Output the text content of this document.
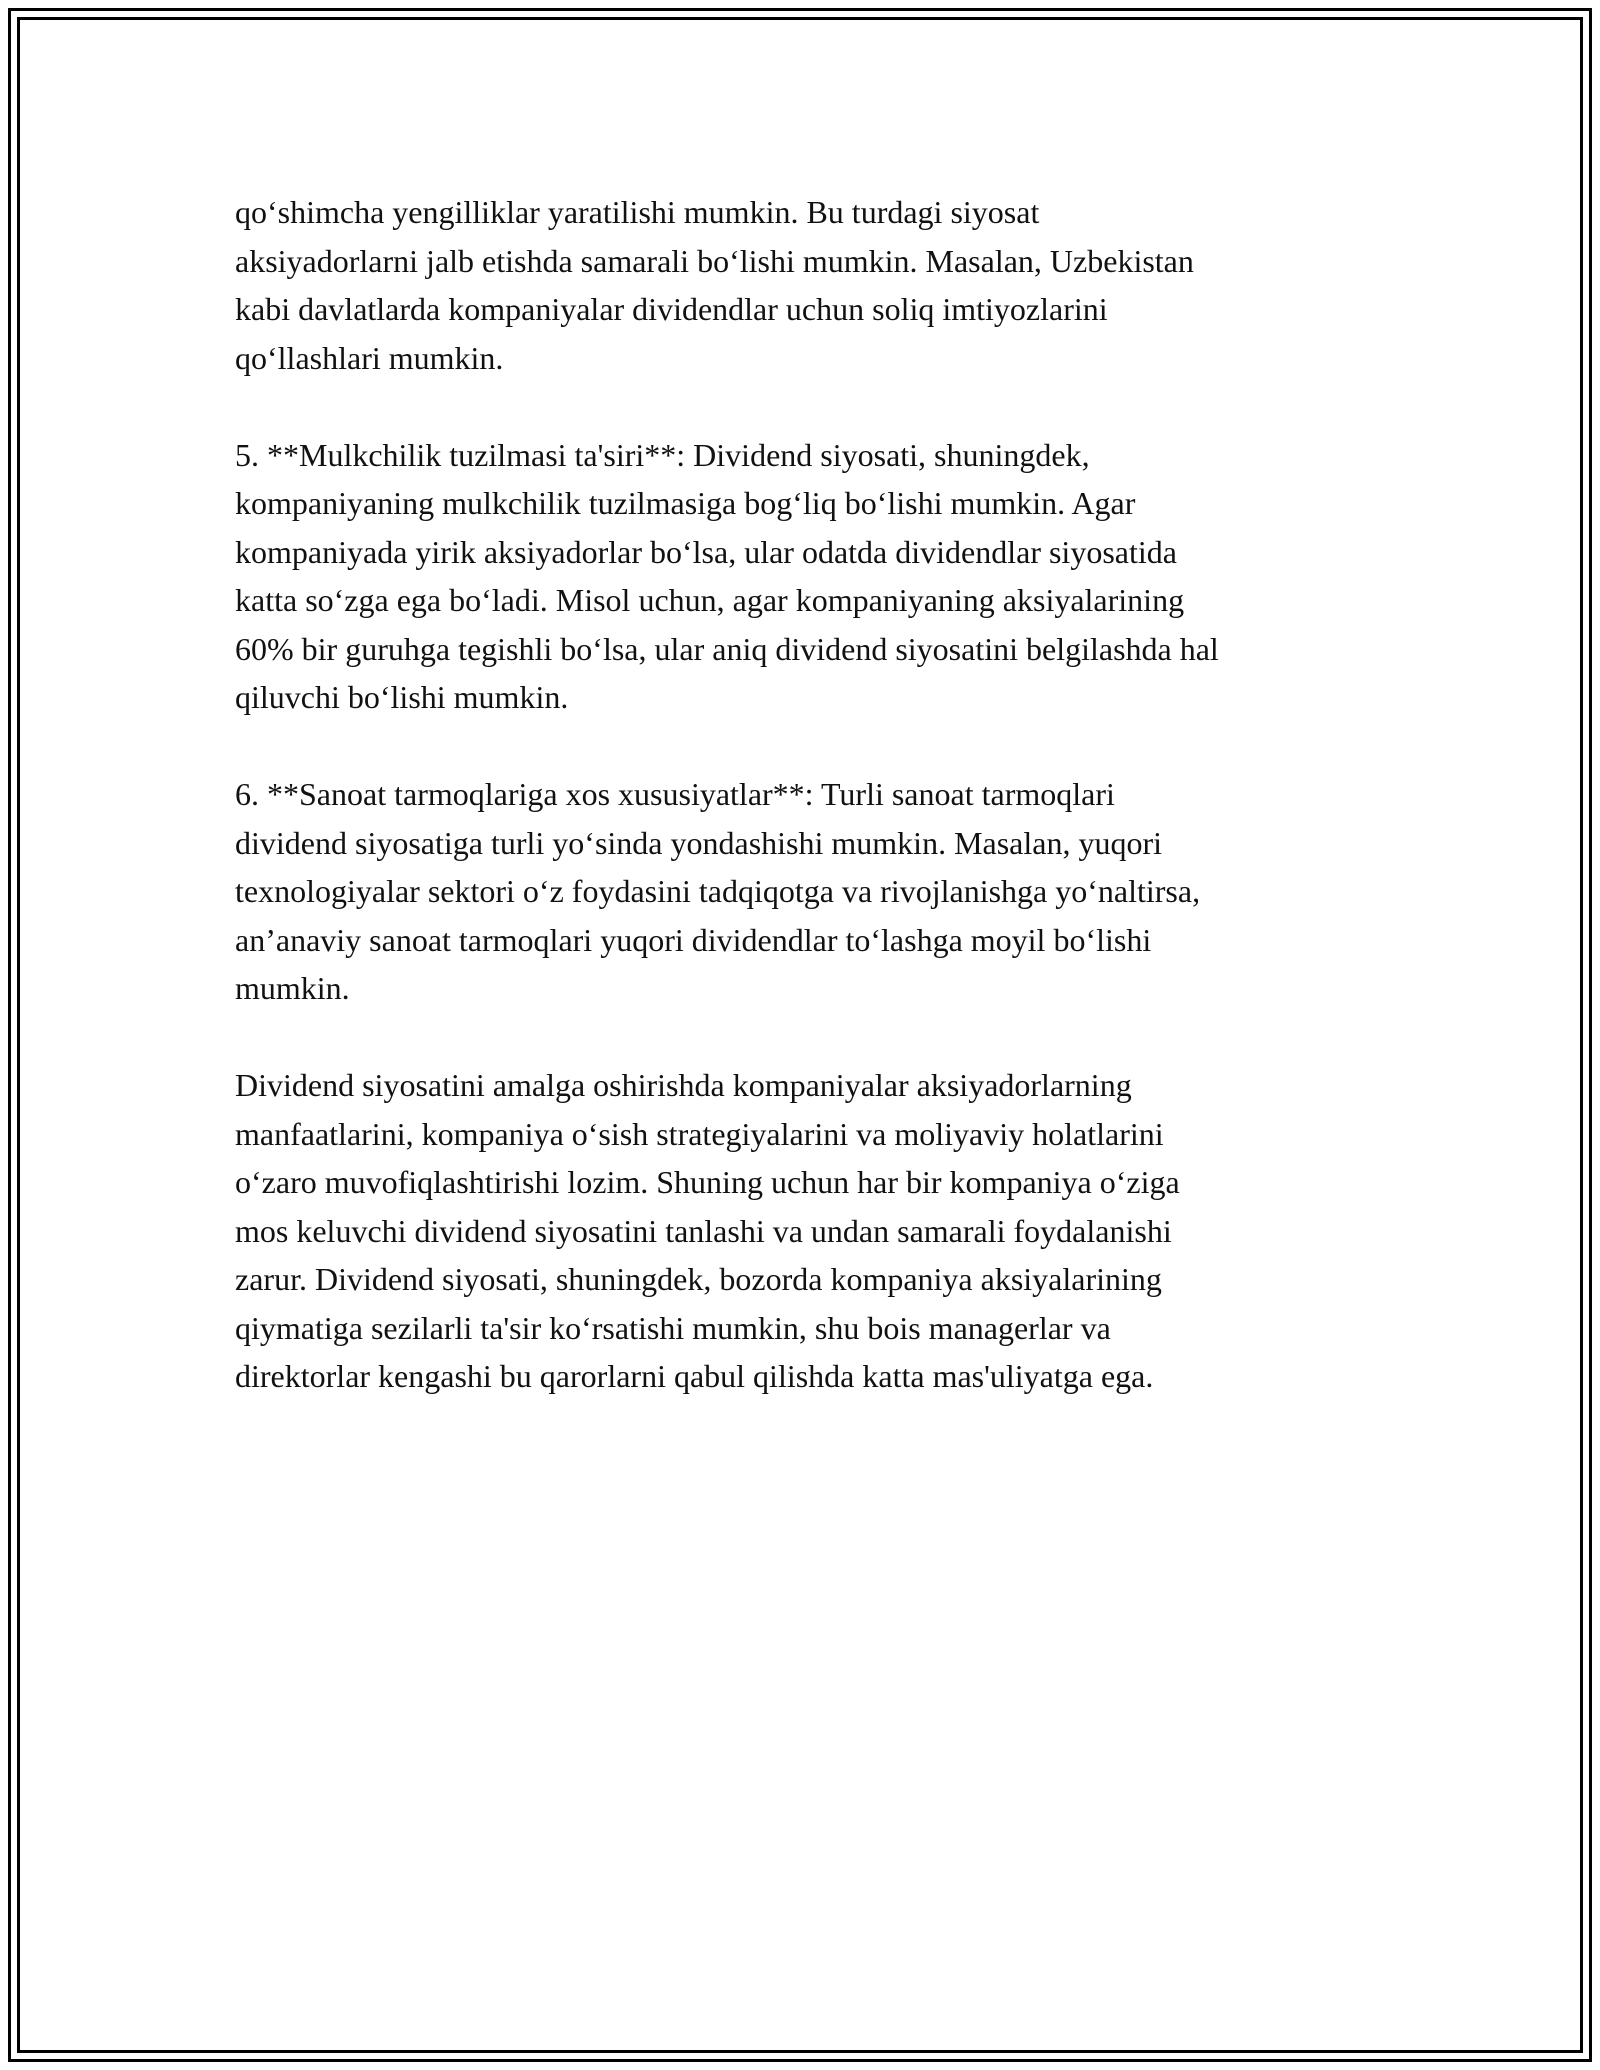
qo‘shimcha yengilliklar yaratilishi mumkin. Bu turdagi siyosat
aksiyadorlarni jalb etishda samarali bo‘lishi mumkin. Masalan, Uzbekistan
kabi davlatlarda kompaniyalar dividendlar uchun soliq imtiyozlarini
qo‘llashlari mumkin.

5. **Mulkchilik tuzilmasi ta'siri**: Dividend siyosati, shuningdek,
kompaniyaning mulkchilik tuzilmasiga bog‘liq bo‘lishi mumkin. Agar
kompaniyada yirik aksiyadorlar bo‘lsa, ular odatda dividendlar siyosatida
katta so‘zga ega bo‘ladi. Misol uchun, agar kompaniyaning aksiyalarining
60% bir guruhga tegishli bo‘lsa, ular aniq dividend siyosatini belgilashda hal
qiluvchi bo‘lishi mumkin.

6. **Sanoat tarmoqlariga xos xususiyatlar**: Turli sanoat tarmoqlari
dividend siyosatiga turli yo‘sinda yondashishi mumkin. Masalan, yuqori
texnologiyalar sektori o‘z foydasini tadqiqotga va rivojlanishga yo‘naltirsa,
an’anaviy sanoat tarmoqlari yuqori dividendlar to‘lashga moyil bo‘lishi
mumkin.

Dividend siyosatini amalga oshirishda kompaniyalar aksiyadorlarning
manfaatlarini, kompaniya o‘sish strategiyalarini va moliyaviy holatlarini
o‘zaro muvofiqlashtirishi lozim. Shuning uchun har bir kompaniya o‘ziga
mos keluvchi dividend siyosatini tanlashi va undan samarali foydalanishi
zarur. Dividend siyosati, shuningdek, bozorda kompaniya aksiyalarining
qiymatiga sezilarli ta'sir ko‘rsatishi mumkin, shu bois managerlar va
direktorlar kengashi bu qarorlarni qabul qilishda katta mas'uliyatga ega.
